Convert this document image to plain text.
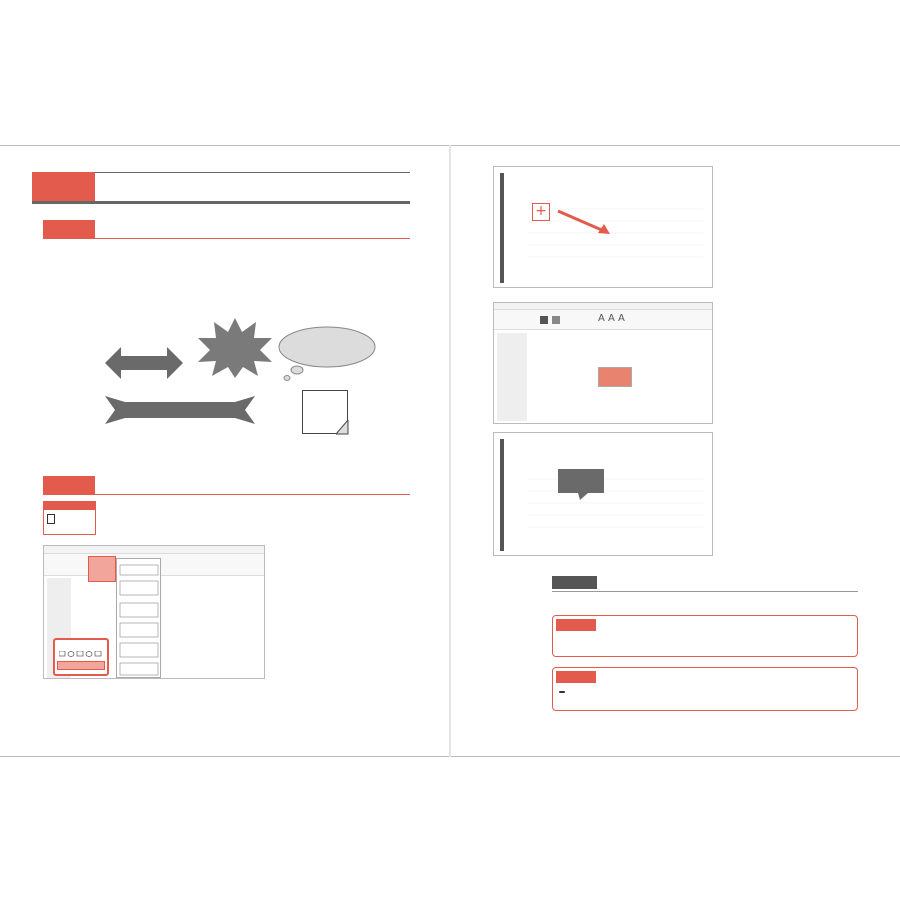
+
A A A
